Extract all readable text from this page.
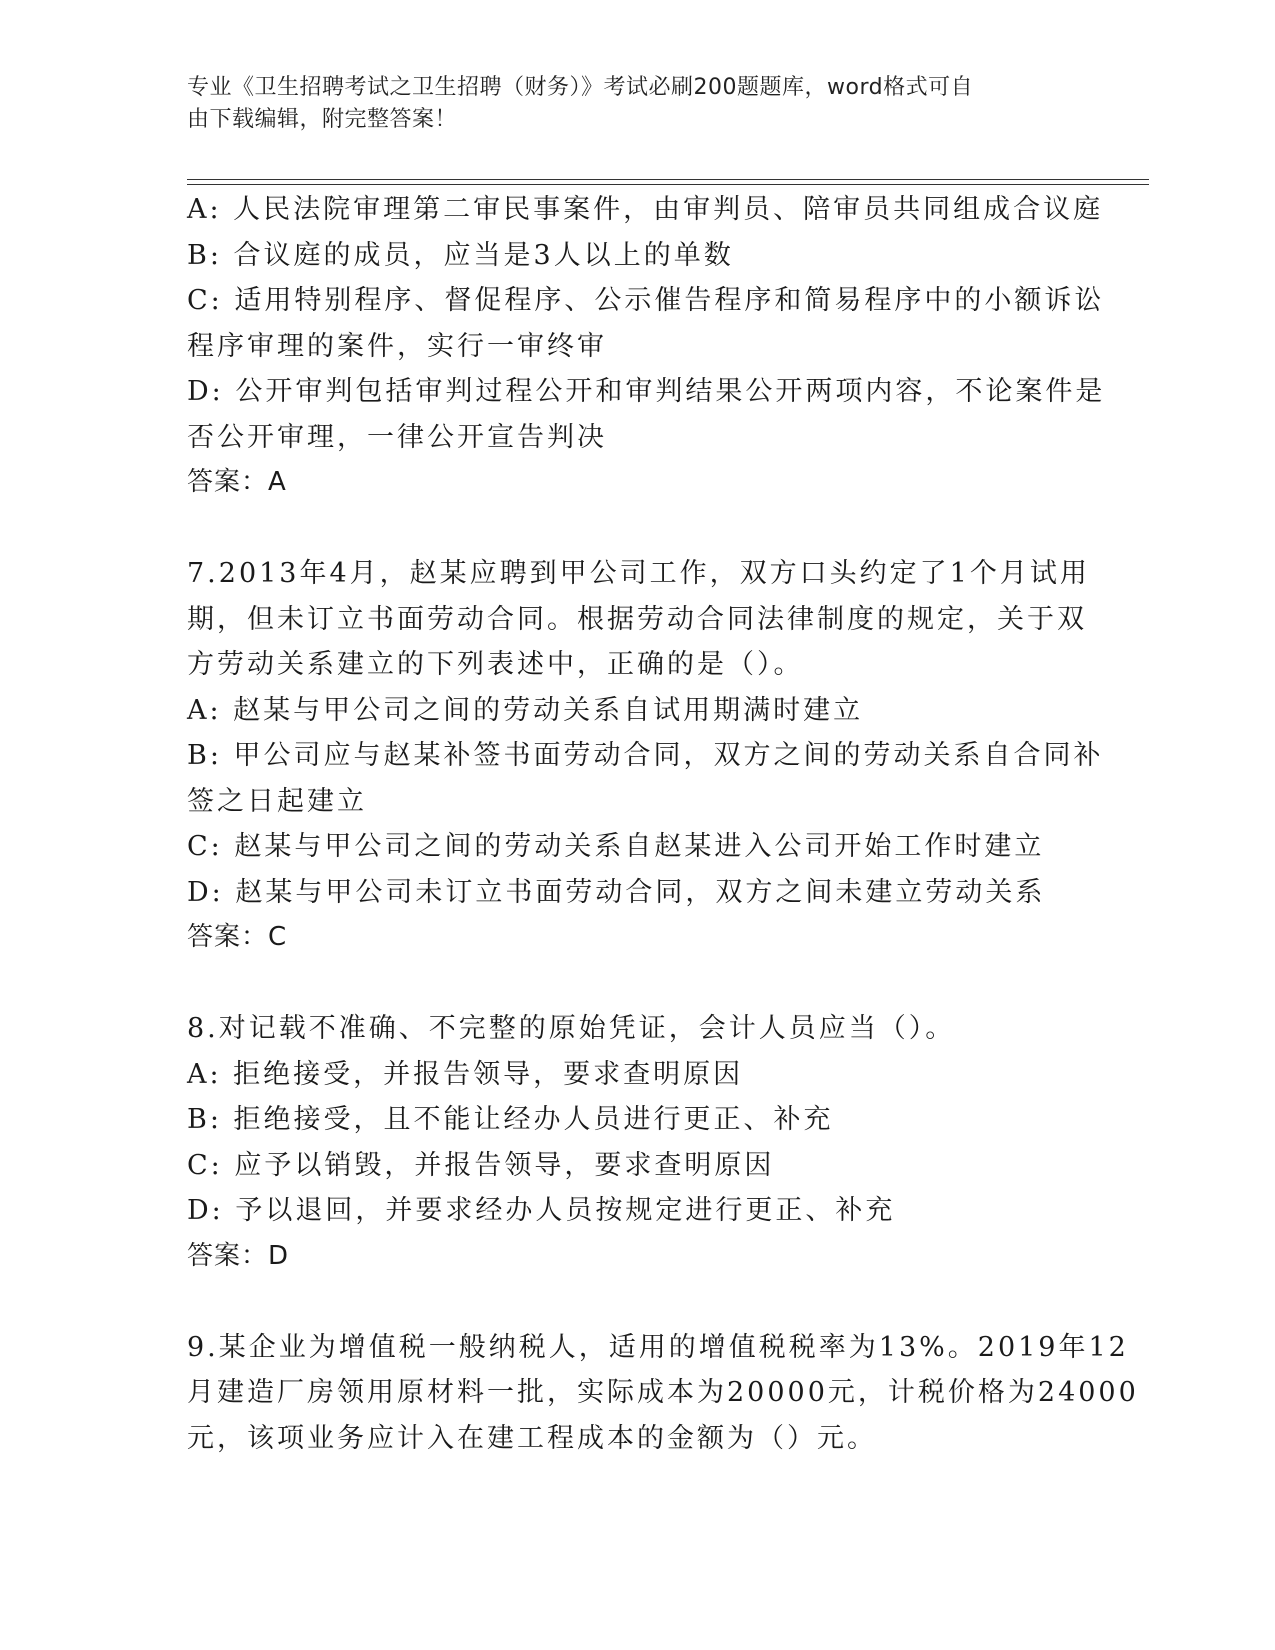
专业《卫生招聘考试之卫生招聘（财务）》考试必刷200题题库，word格式可自
由下载编辑，附完整答案！
A: 人民法院审理第二审民事案件，由审判员、陪审员共同组成合议庭
B: 合议庭的成员，应当是3人以上的单数
C: 适用特别程序、督促程序、公示催告程序和简易程序中的小额诉讼
程序审理的案件，实行一审终审
D: 公开审判包括审判过程公开和审判结果公开两项内容，不论案件是
否公开审理，一律公开宣告判决
答案：A
7.2013年4月，赵某应聘到甲公司工作，双方口头约定了1个月试用
期，但未订立书面劳动合同。根据劳动合同法律制度的规定，关于双
方劳动关系建立的下列表述中，正确的是（）。
A: 赵某与甲公司之间的劳动关系自试用期满时建立
B: 甲公司应与赵某补签书面劳动合同，双方之间的劳动关系自合同补
签之日起建立
C: 赵某与甲公司之间的劳动关系自赵某进入公司开始工作时建立
D: 赵某与甲公司未订立书面劳动合同，双方之间未建立劳动关系
答案：C
8.对记载不准确、不完整的原始凭证，会计人员应当（）。
A: 拒绝接受，并报告领导，要求查明原因
B: 拒绝接受，且不能让经办人员进行更正、补充
C: 应予以销毁，并报告领导，要求查明原因
D: 予以退回，并要求经办人员按规定进行更正、补充
答案：D
9.某企业为增值税一般纳税人，适用的增值税税率为13%。2019年12
月建造厂房领用原材料一批，实际成本为20000元，计税价格为24000
元，该项业务应计入在建工程成本的金额为（）元。
